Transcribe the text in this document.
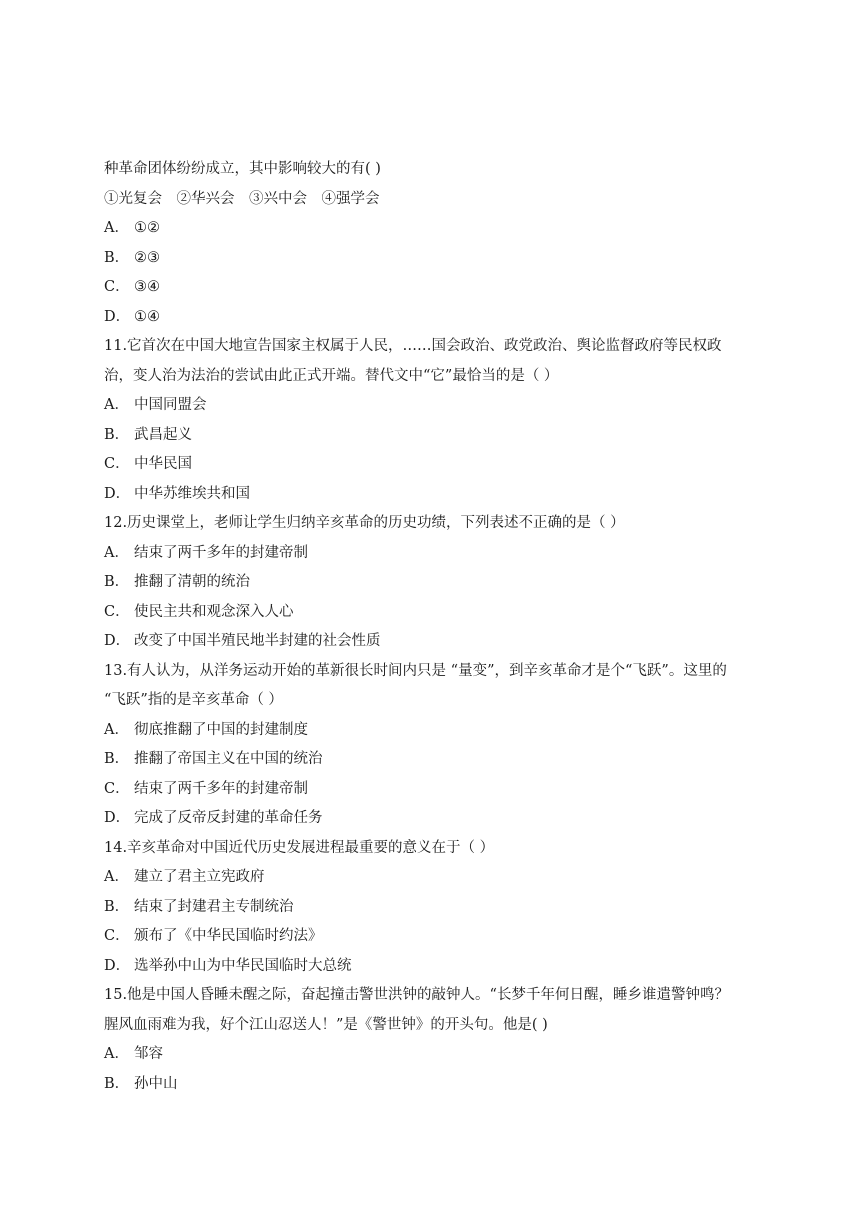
种革命团体纷纷成立，其中影响较大的有( )
①光复会　②华兴会　③兴中会　④强学会
A． ①②
B． ②③
C． ③④
D． ①④
11.它首次在中国大地宣告国家主权属于人民，……国会政治、政党政治、舆论监督政府等民权政
治，变人治为法治的尝试由此正式开端。替代文中“它”最恰当的是（ ）
A． 中国同盟会
B． 武昌起义
C． 中华民国
D． 中华苏维埃共和国
12.历史课堂上，老师让学生归纳辛亥革命的历史功绩，下列表述不正确的是（ ）
A． 结束了两千多年的封建帝制
B． 推翻了清朝的统治
C． 使民主共和观念深入人心
D． 改变了中国半殖民地半封建的社会性质
13.有人认为，从洋务运动开始的革新很长时间内只是 “量变”，到辛亥革命才是个“飞跃”。这里的
“飞跃”指的是辛亥革命（ ）
A． 彻底推翻了中国的封建制度
B． 推翻了帝国主义在中国的统治
C． 结束了两千多年的封建帝制
D． 完成了反帝反封建的革命任务
14.辛亥革命对中国近代历史发展进程最重要的意义在于（ ）
A． 建立了君主立宪政府
B． 结束了封建君主专制统治
C． 颁布了《中华民国临时约法》
D． 选举孙中山为中华民国临时大总统
15.他是中国人昏睡未醒之际，奋起撞击警世洪钟的敲钟人。“长梦千年何日醒，睡乡谁遣警钟鸣？
腥风血雨难为我，好个江山忍送人！”是《警世钟》的开头句。他是( )
A． 邹容
B． 孙中山
